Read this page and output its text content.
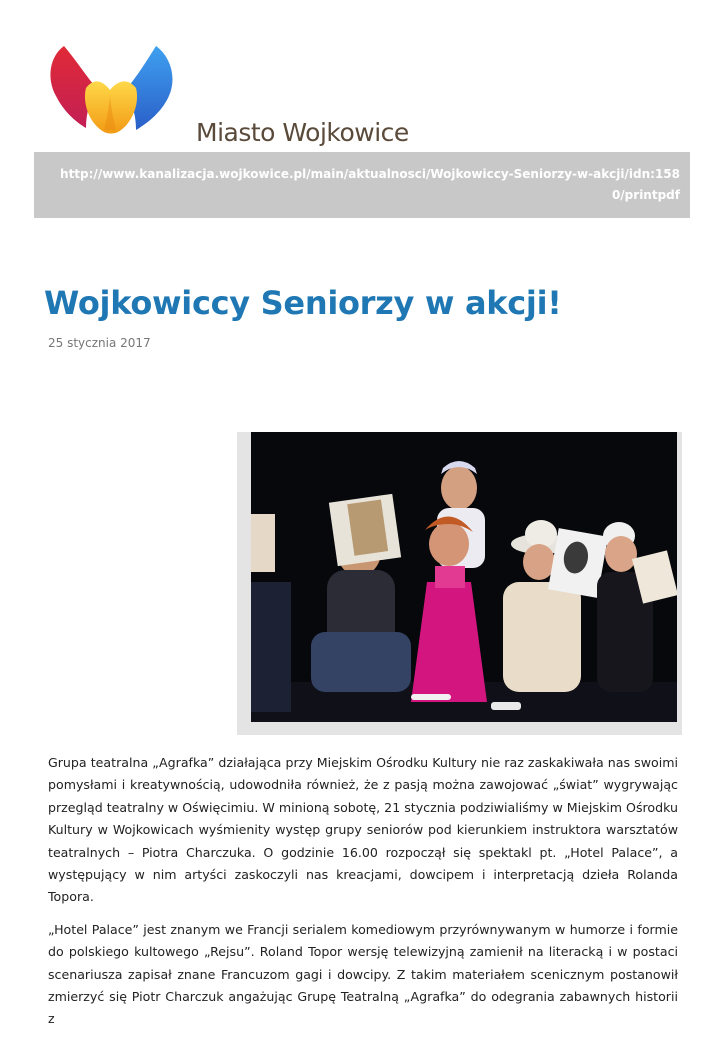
Miasto Wojkowice
http://www.kanalizacja.wojkowice.pl/main/aktualnosci/Wojkowiccy-Seniorzy-w-akcji/idn:158
0/printpdf
Wojkowiccy Seniorzy w akcji!
25 stycznia 2017

Grupa teatralna „Agrafka” działająca przy Miejskim Ośrodku Kultury nie raz zaskakiwała nas swoimi pomysłami i kreatywnością, udowodniła również, że z pasją można zawojować „świat” wygrywając przegląd teatralny w Oświęcimiu. W minioną sobotę, 21 stycznia podziwialiśmy w Miejskim Ośrodku Kultury w Wojkowicach wyśmienity występ grupy seniorów pod kierunkiem instruktora warsztatów teatralnych – Piotra Charczuka. O godzinie 16.00 rozpoczął się spektakl pt. „Hotel Palace”, a występujący w nim artyści zaskoczyli nas kreacjami, dowcipem i interpretacją dzieła Rolanda Topora.

„Hotel Palace” jest znanym we Francji serialem komediowym przyrównywanym w humorze i formie do polskiego kultowego „Rejsu”. Roland Topor wersję telewizyjną zamienił na literacką i w postaci scenariusza zapisał znane Francuzom gagi i dowcipy. Z takim materiałem scenicznym postanowił zmierzyć się Piotr Charczuk angażując Grupę Teatralną „Agrafka” do odegrania zabawnych historii z
